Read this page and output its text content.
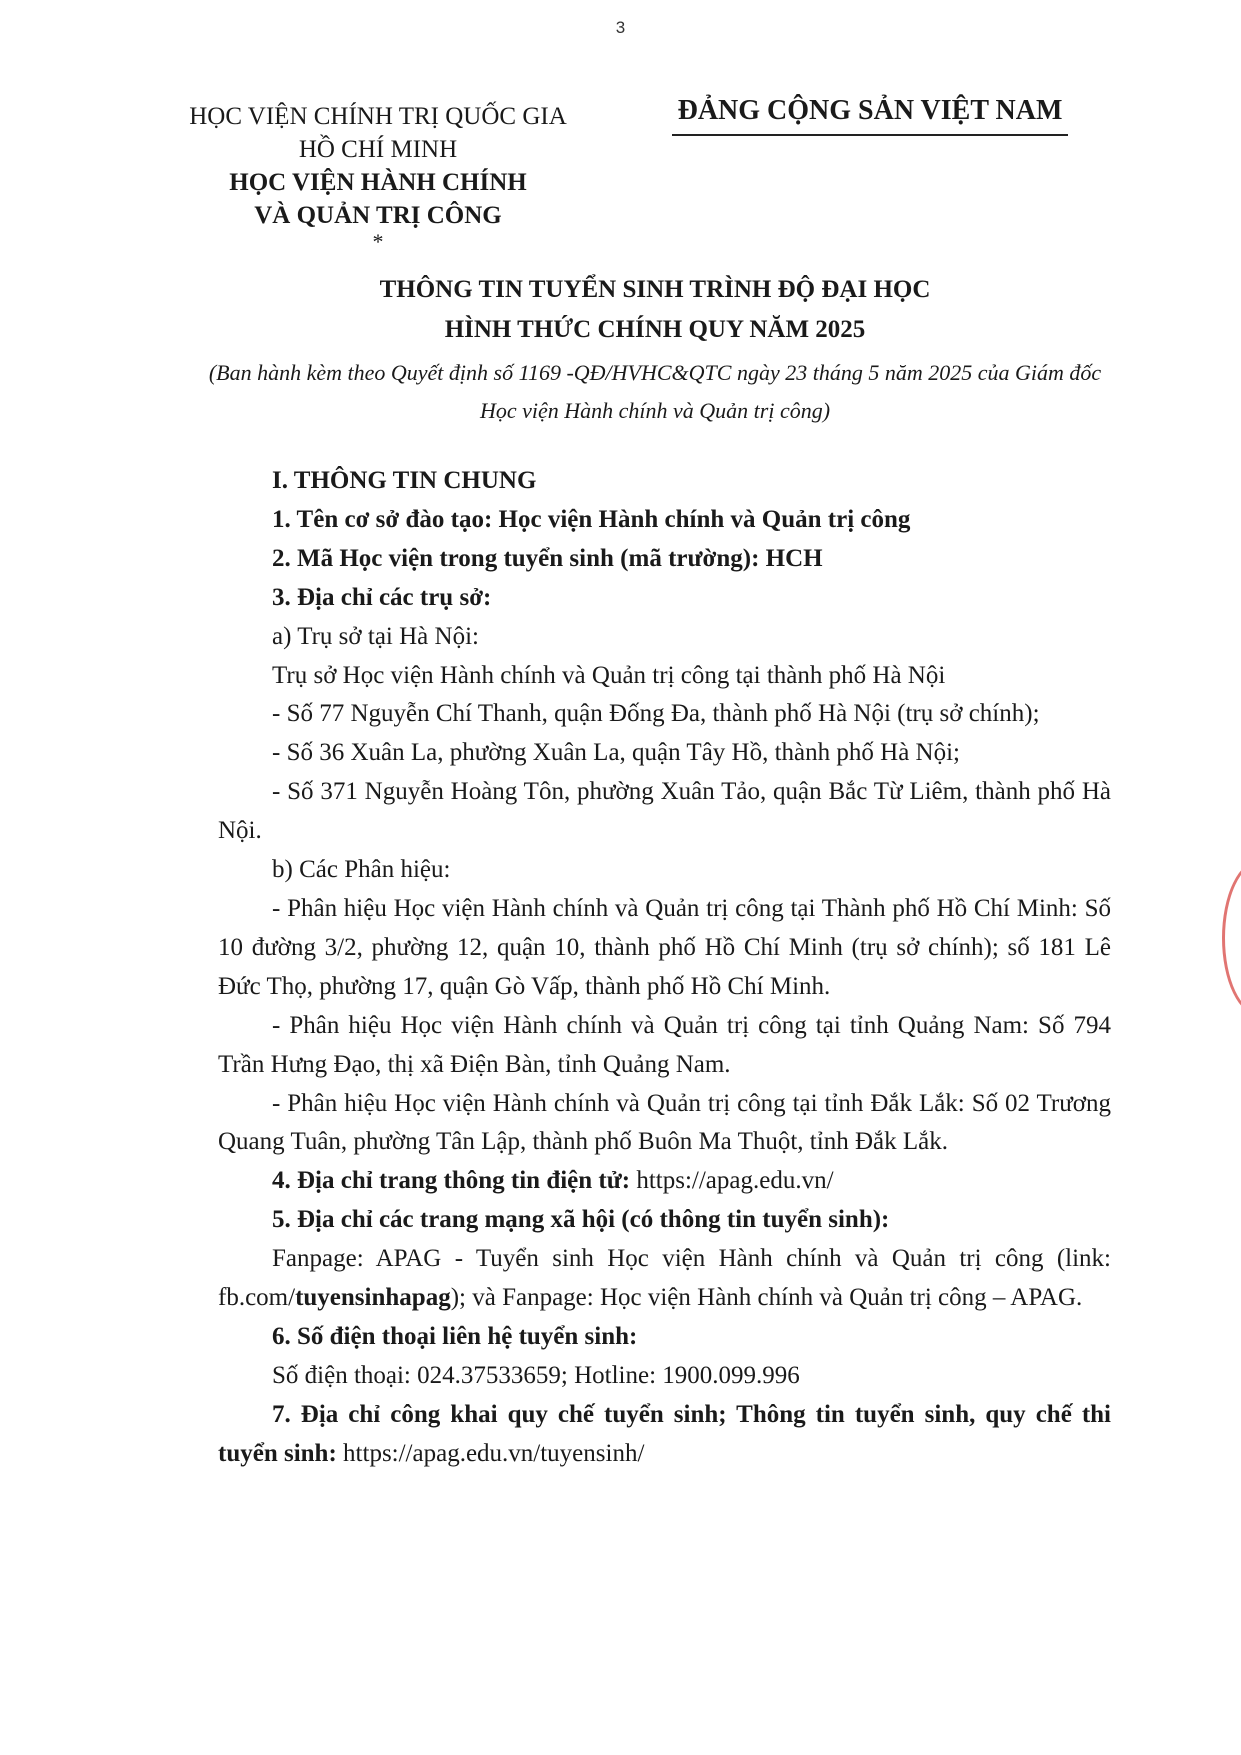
3
HỌC VIỆN CHÍNH TRỊ QUỐC GIA
HỒ CHÍ MINH
HỌC VIỆN HÀNH CHÍNH
VÀ QUẢN TRỊ CÔNG
*
ĐẢNG CỘNG SẢN VIỆT NAM
THÔNG TIN TUYỂN SINH TRÌNH ĐỘ ĐẠI HỌC
HÌNH THỨC CHÍNH QUY NĂM 2025
(Ban hành kèm theo Quyết định số 1169 -QĐ/HVHC&QTC ngày 23 tháng 5 năm 2025 của Giám đốc Học viện Hành chính và Quản trị công)

I. THÔNG TIN CHUNG

1. Tên cơ sở đào tạo: Học viện Hành chính và Quản trị công

2. Mã Học viện trong tuyển sinh (mã trường): HCH

3. Địa chỉ các trụ sở:

a) Trụ sở tại Hà Nội:

Trụ sở Học viện Hành chính và Quản trị công tại thành phố Hà Nội

- Số 77 Nguyễn Chí Thanh, quận Đống Đa, thành phố Hà Nội (trụ sở chính);

- Số 36 Xuân La, phường Xuân La, quận Tây Hồ, thành phố Hà Nội;

- Số 371 Nguyễn Hoàng Tôn, phường Xuân Tảo, quận Bắc Từ Liêm, thành phố Hà Nội.

b) Các Phân hiệu:

- Phân hiệu Học viện Hành chính và Quản trị công tại Thành phố Hồ Chí Minh: Số 10 đường 3/2, phường 12, quận 10, thành phố Hồ Chí Minh (trụ sở chính); số 181 Lê Đức Thọ, phường 17, quận Gò Vấp, thành phố Hồ Chí Minh.

- Phân hiệu Học viện Hành chính và Quản trị công tại tỉnh Quảng Nam: Số 794 Trần Hưng Đạo, thị xã Điện Bàn, tỉnh Quảng Nam.

- Phân hiệu Học viện Hành chính và Quản trị công tại tỉnh Đắk Lắk: Số 02 Trương Quang Tuân, phường Tân Lập, thành phố Buôn Ma Thuột, tỉnh Đắk Lắk.

4. Địa chỉ trang thông tin điện tử: https://apag.edu.vn/

5. Địa chỉ các trang mạng xã hội (có thông tin tuyển sinh):

Fanpage: APAG - Tuyển sinh Học viện Hành chính và Quản trị công (link: fb.com/tuyensinhapag); và Fanpage: Học viện Hành chính và Quản trị công – APAG.

6. Số điện thoại liên hệ tuyển sinh:

Số điện thoại: 024.37533659; Hotline: 1900.099.996

7. Địa chỉ công khai quy chế tuyển sinh; Thông tin tuyển sinh, quy chế thi tuyển sinh: https://apag.edu.vn/tuyensinh/
